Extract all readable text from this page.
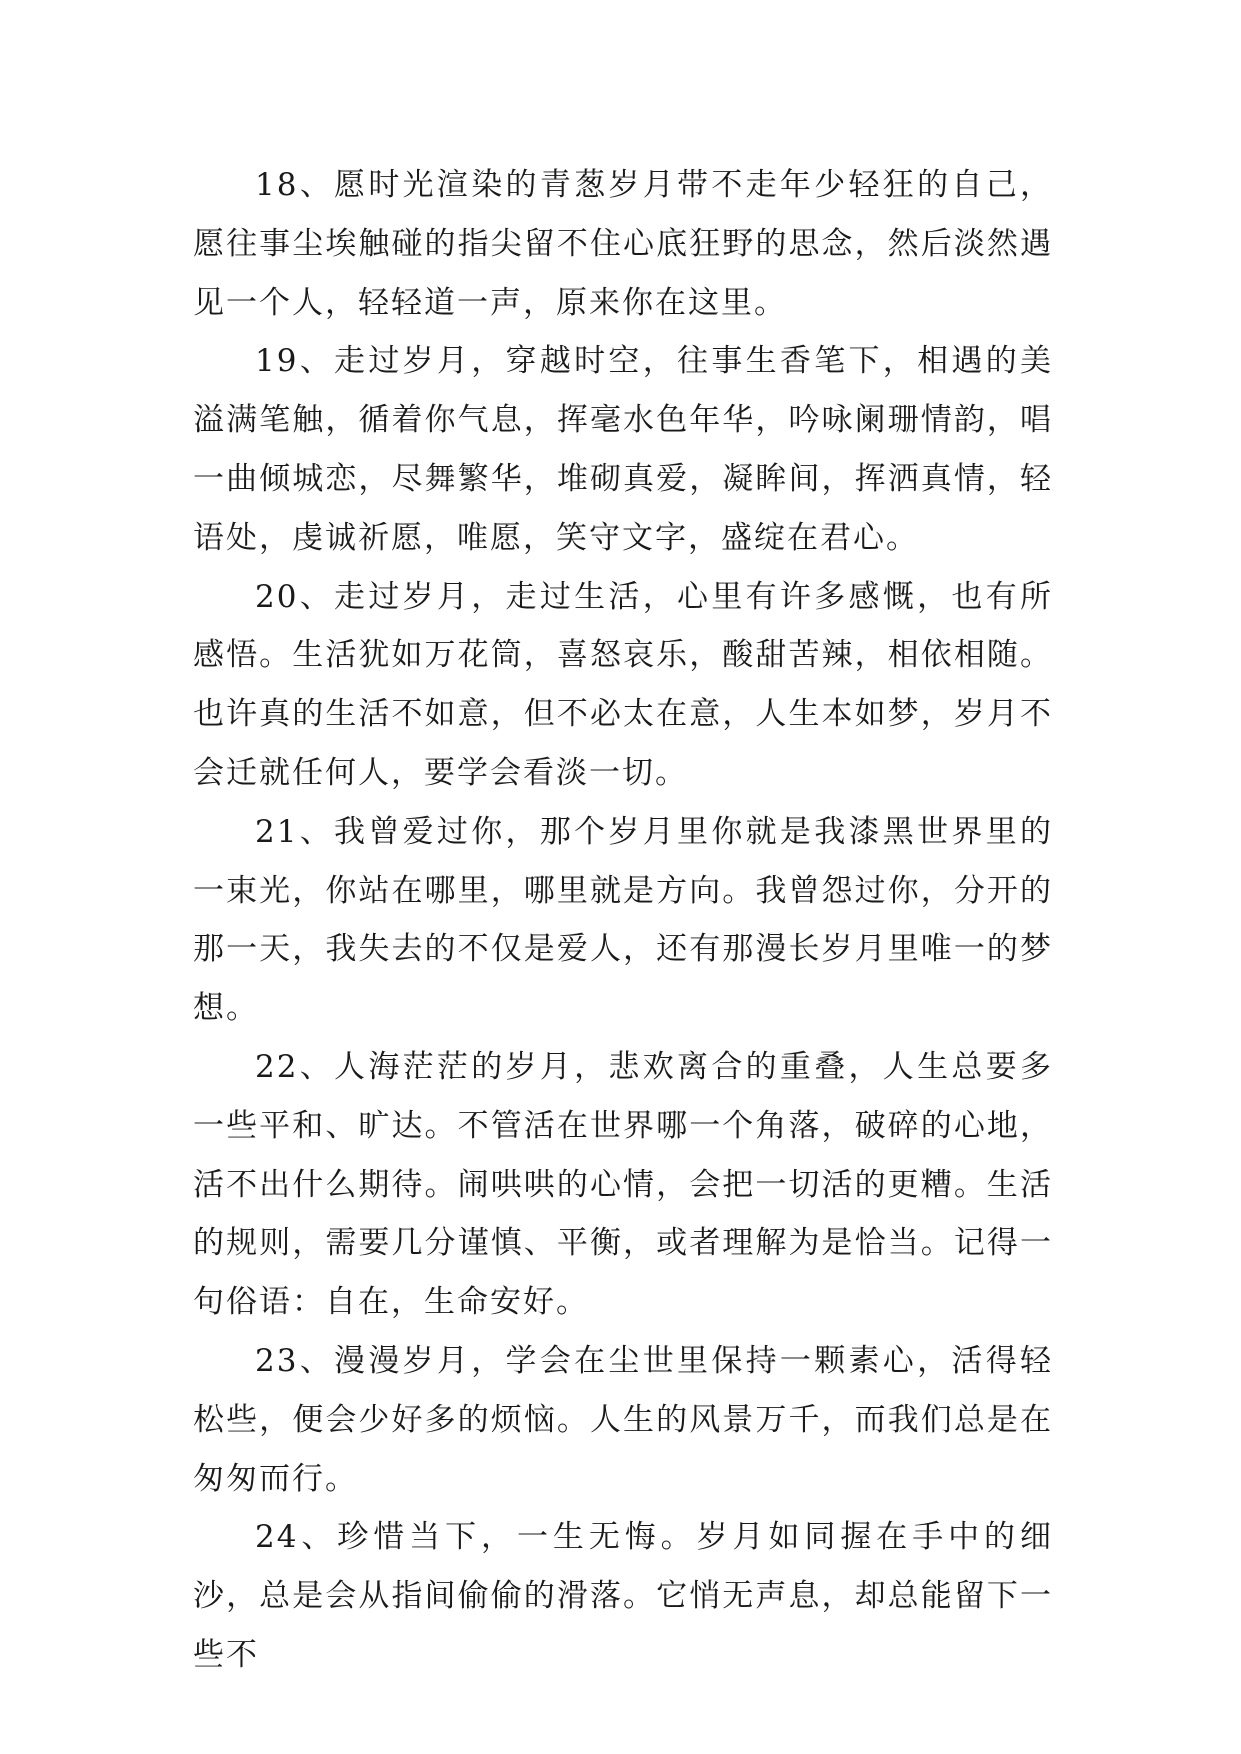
18、愿时光渲染的青葱岁月带不走年少轻狂的自己，愿往事尘埃触碰的指尖留不住心底狂野的思念，然后淡然遇见一个人，轻轻道一声，原来你在这里。

19、走过岁月，穿越时空，往事生香笔下，相遇的美溢满笔触，循着你气息，挥毫水色年华，吟咏阑珊情韵，唱一曲倾城恋，尽舞繁华，堆砌真爱，凝眸间，挥洒真情，轻语处，虔诚祈愿，唯愿，笑守文字，盛绽在君心。

20、走过岁月，走过生活，心里有许多感慨，也有所感悟。生活犹如万花筒，喜怒哀乐，酸甜苦辣，相依相随。也许真的生活不如意，但不必太在意，人生本如梦，岁月不会迁就任何人，要学会看淡一切。

21、我曾爱过你，那个岁月里你就是我漆黑世界里的一束光，你站在哪里，哪里就是方向。我曾怨过你，分开的那一天，我失去的不仅是爱人，还有那漫长岁月里唯一的梦想。

22、人海茫茫的岁月，悲欢离合的重叠，人生总要多一些平和、旷达。不管活在世界哪一个角落，破碎的心地，活不出什么期待。闹哄哄的心情，会把一切活的更糟。生活的规则，需要几分谨慎、平衡，或者理解为是恰当。记得一句俗语：自在，生命安好。

23、漫漫岁月，学会在尘世里保持一颗素心，活得轻松些，便会少好多的烦恼。人生的风景万千，而我们总是在匆匆而行。

24、珍惜当下，一生无悔。岁月如同握在手中的细沙，总是会从指间偷偷的滑落。它悄无声息，却总能留下一些不
